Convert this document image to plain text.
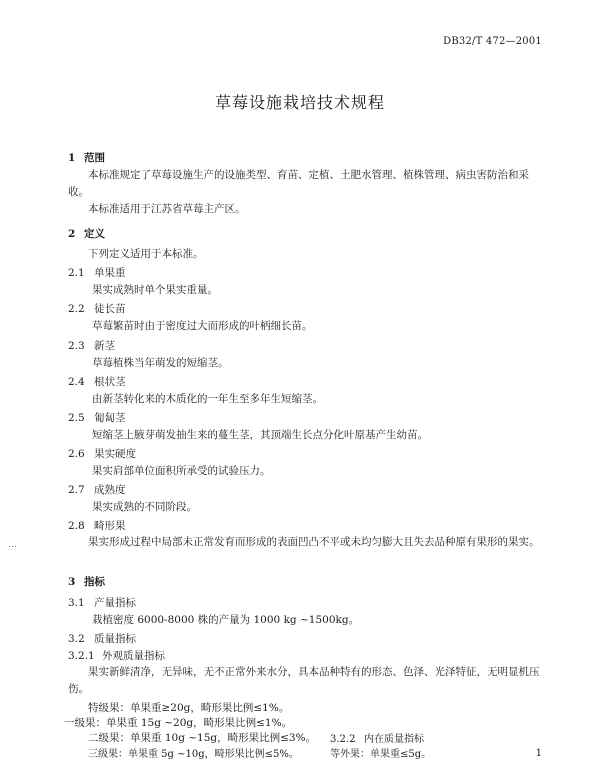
DB32/T 472—2001
草莓设施栽培技术规程
1 范围
本标准规定了草莓设施生产的设施类型、育苗、定植、土肥水管理、植株管理、病虫害防治和采收。
本标准适用于江苏省草莓主产区。
2 定义
下列定义适用于本标准。
2.1 单果重
果实成熟时单个果实重量。
2.2 徒长苗
草莓繁苗时由于密度过大而形成的叶柄细长苗。
2.3 新茎
草莓植株当年萌发的短缩茎。
2.4 根状茎
由新茎转化来的木质化的一年生至多年生短缩茎。
2.5 匍匐茎
短缩茎上腋芽萌发抽生来的蔓生茎，其顶端生长点分化叶原基产生幼苗。
2.6 果实硬度
果实肩部单位面积所承受的试验压力。
2.7 成熟度
果实成熟的不同阶段。
2.8 畸形果
果实形成过程中局部未正常发育而形成的表面凹凸不平或未均匀膨大且失去品种原有果形的果实。
3 指标
3.1 产量指标
栽植密度 6000-8000 株的产量为 1000 kg ~1500kg。
3.2 质量指标
3.2.1 外观质量指标
果实新鲜清净，无异味，无不正常外来水分，具本品种特有的形态、色泽、光泽特征，无明显机压伤。
特级果：单果重≥20g，畸形果比例≤1%。
一级果：单果重 15g ~20g，畸形果比例≤1%。
二级果：单果重 10g ~15g，畸形果比例≤3%。
三级果：单果重 5g ~10g，畸形果比例≤5%。	等外果：单果重≤5g。
3.2.2 内在质量指标
1
…
